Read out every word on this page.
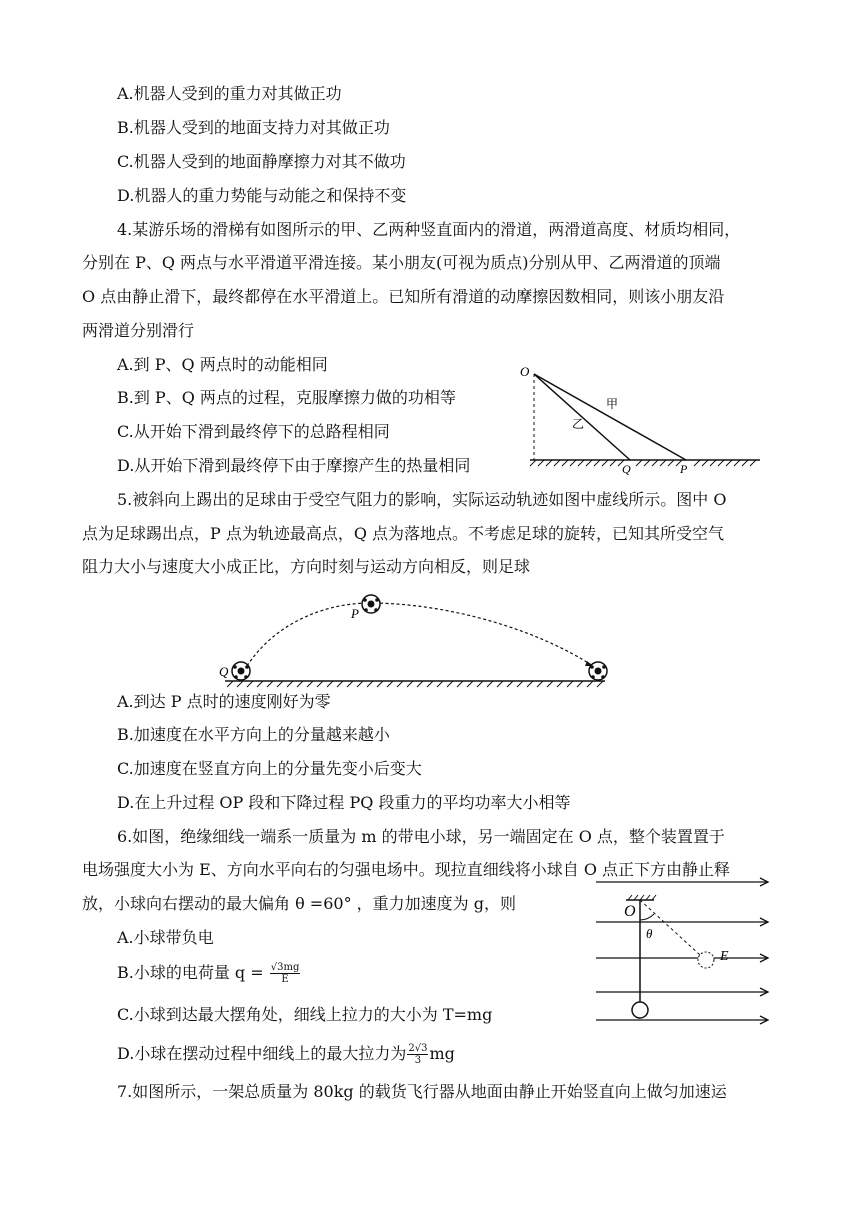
A.机器人受到的重力对其做正功
B.机器人受到的地面支持力对其做正功
C.机器人受到的地面静摩擦力对其不做功
D.机器人的重力势能与动能之和保持不变
4.某游乐场的滑梯有如图所示的甲、乙两种竖直面内的滑道，两滑道高度、材质均相同，
分别在 P、Q 两点与水平滑道平滑连接。某小朋友(可视为质点)分别从甲、乙两滑道的顶端
O 点由静止滑下，最终都停在水平滑道上。已知所有滑道的动摩擦因数相同，则该小朋友沿
两滑道分别滑行
A.到 P、Q 两点时的动能相同
B.到 P、Q 两点的过程，克服摩擦力做的功相等
C.从开始下滑到最终停下的总路程相同
D.从开始下滑到最终停下由于摩擦产生的热量相同
O
甲
乙
Q	P
5.被斜向上踢出的足球由于受空气阻力的影响，实际运动轨迹如图中虚线所示。图中 O
点为足球踢出点，P 点为轨迹最高点，Q 点为落地点。不考虑足球的旋转，已知其所受空气
阻力大小与速度大小成正比，方向时刻与运动方向相反，则足球
Q
P
A.到达 P 点时的速度刚好为零
B.加速度在水平方向上的分量越来越小
C.加速度在竖直方向上的分量先变小后变大
D.在上升过程 OP 段和下降过程 PQ 段重力的平均功率大小相等
6.如图，绝缘细线一端系一质量为 m 的带电小球，另一端固定在 O 点，整个装置置于
电场强度大小为 E、方向水平向右的匀强电场中。现拉直细线将小球自 O 点正下方由静止释
放，小球向右摆动的最大偏角 θ =60° ，重力加速度为 g，则
A.小球带负电
B.小球的电荷量 $q = \frac{√3mg}{E}$
C.小球到达最大摆角处，细线上拉力的大小为 T=mg
D.小球在摆动过程中细线上的最大拉力为 $\frac{2√3}{3}$ mg
O
θ
E
7.如图所示，一架总质量为 80kg 的载货飞行器从地面由静止开始竖直向上做匀加速运
